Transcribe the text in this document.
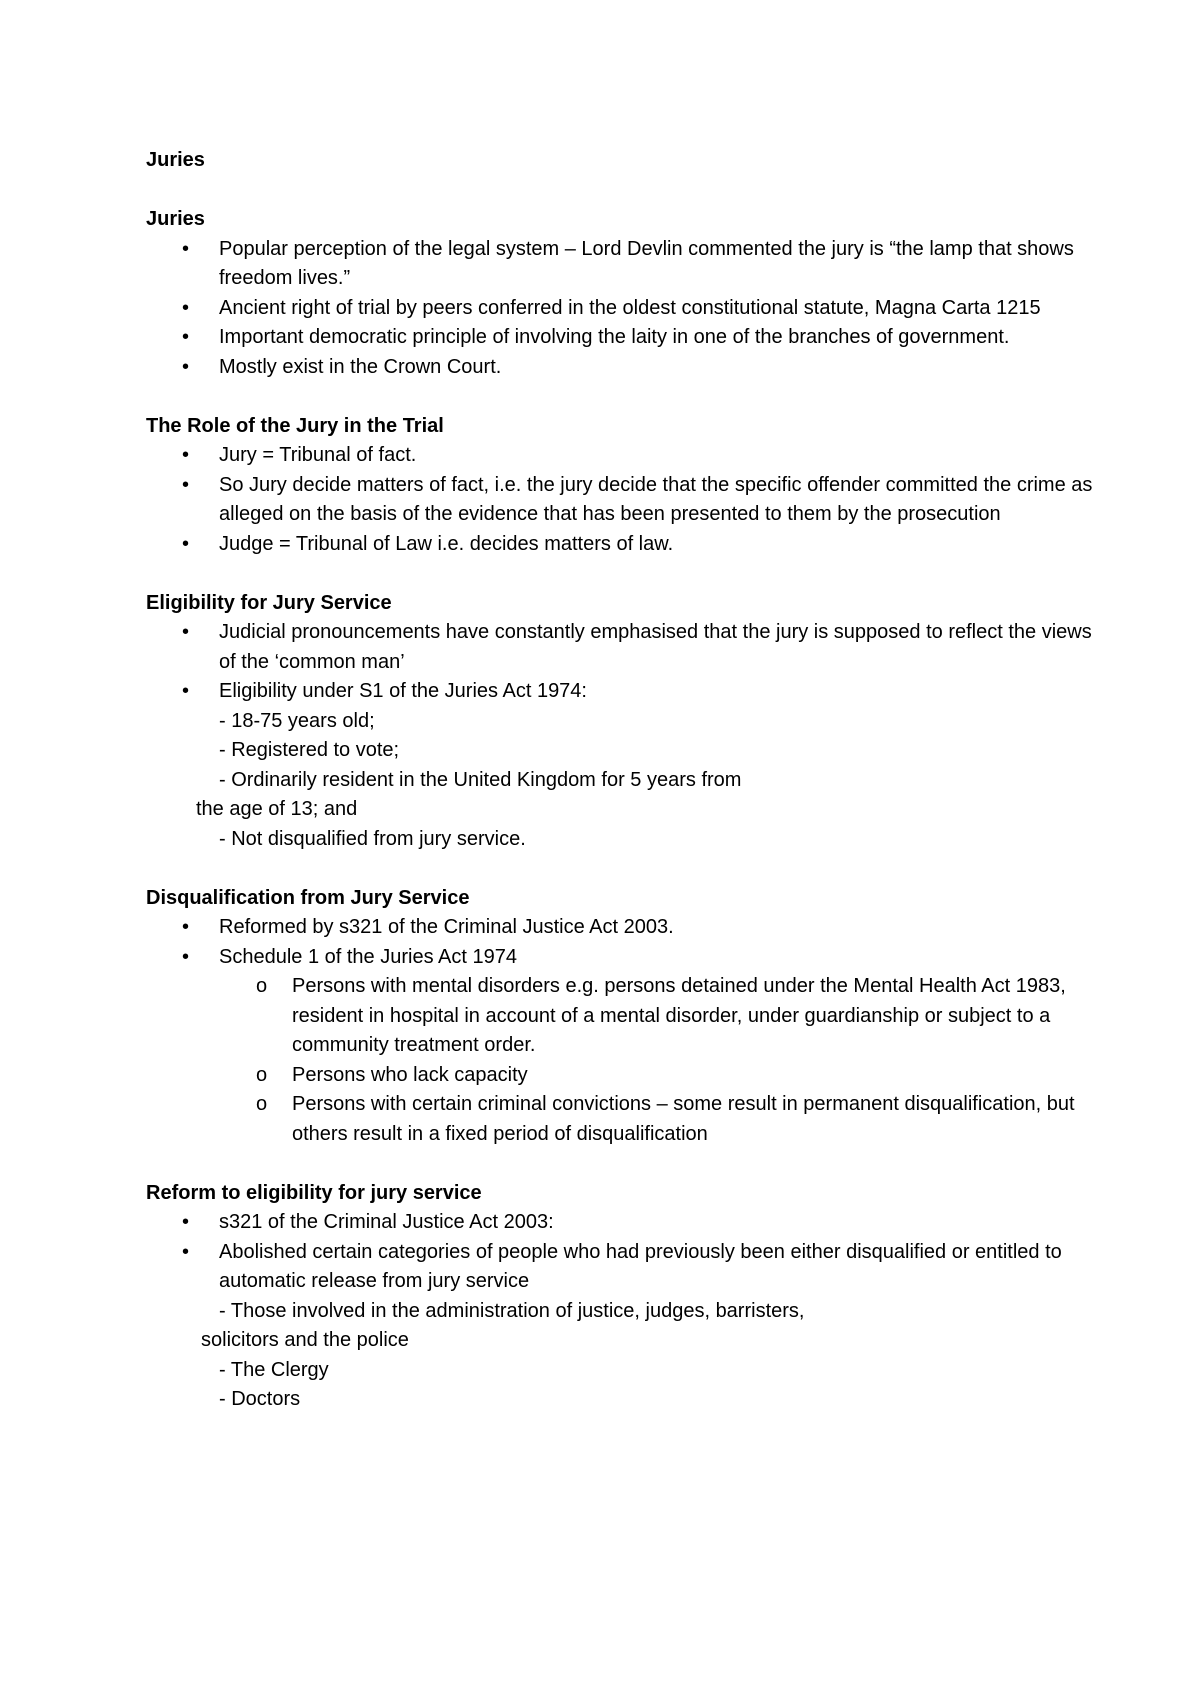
Juries
Juries
• Popular perception of the legal system – Lord Devlin commented the jury is “the lamp that shows freedom lives.”
• Ancient right of trial by peers conferred in the oldest constitutional statute, Magna Carta 1215
• Important democratic principle of involving the laity in one of the branches of government.
• Mostly exist in the Crown Court.
The Role of the Jury in the Trial
• Jury = Tribunal of fact.
• So Jury decide matters of fact, i.e. the jury decide that the specific offender committed the crime as alleged on the basis of the evidence that has been presented to them by the prosecution
• Judge = Tribunal of Law i.e. decides matters of law.
Eligibility for Jury Service
• Judicial pronouncements have constantly emphasised that the jury is supposed to reflect the views of the ‘common man’
• Eligibility under S1 of the Juries Act 1974:
- 18-75 years old;
- Registered to vote;
- Ordinarily resident in the United Kingdom for 5 years from
the age of 13; and
- Not disqualified from jury service.
Disqualification from Jury Service
• Reformed by s321 of the Criminal Justice Act 2003.
• Schedule 1 of the Juries Act 1974
o Persons with mental disorders e.g. persons detained under the Mental Health Act 1983, resident in hospital in account of a mental disorder, under guardianship or subject to a community treatment order.
o Persons who lack capacity
o Persons with certain criminal convictions – some result in permanent disqualification, but others result in a fixed period of disqualification
Reform to eligibility for jury service
• s321 of the Criminal Justice Act 2003:
• Abolished certain categories of people who had previously been either disqualified or entitled to automatic release from jury service
- Those involved in the administration of justice, judges, barristers,
solicitors and the police
- The Clergy
- Doctors
